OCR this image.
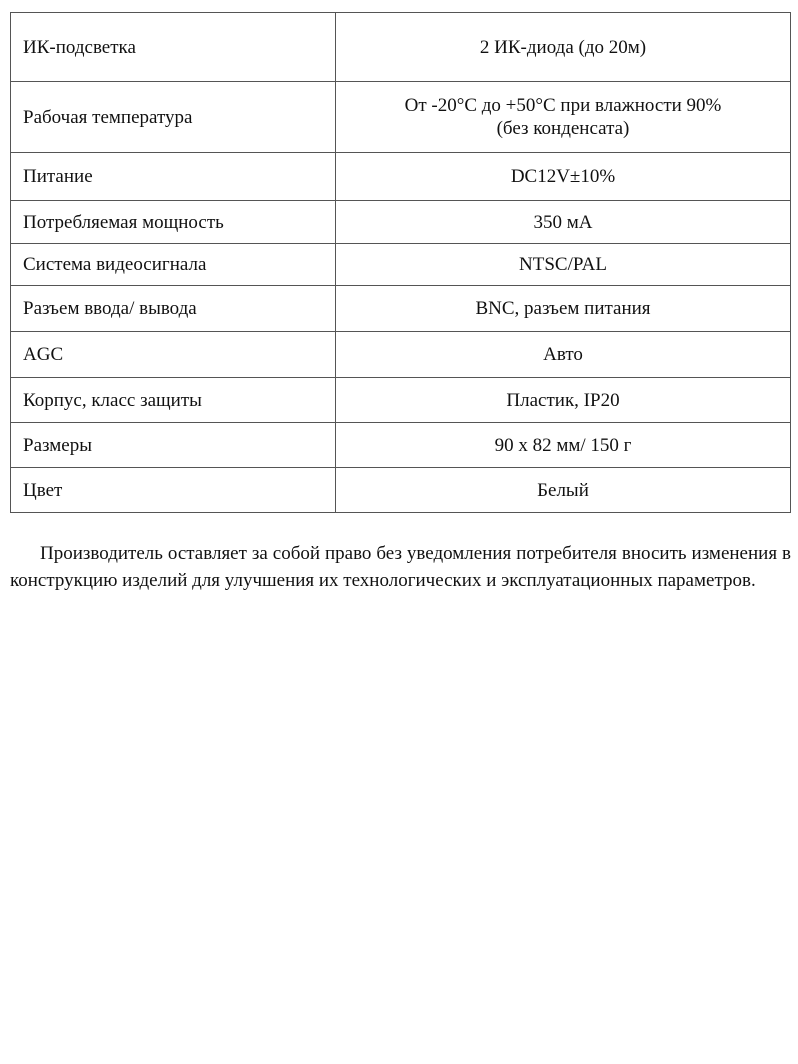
ИК-подсветка	2 ИК-диода (до 20м)
Рабочая температура	От -20°С до +50°С при влажности 90%
(без конденсата)

Питание	DC12V±10%
Потребляемая мощность	350 мА
Система видеосигнала	NTSC/PAL
Разъем ввода/ вывода	BNC, разъем питания
AGC	Авто
Корпус, класс защиты	Пластик, IP20
Размеры	90 х 82 мм/ 150 г
Цвет	Белый

Производитель оставляет за собой право без уведомления потребителя вносить изменения в конструкцию изделий для улучшения их технологических и эксплуатационных параметров.
